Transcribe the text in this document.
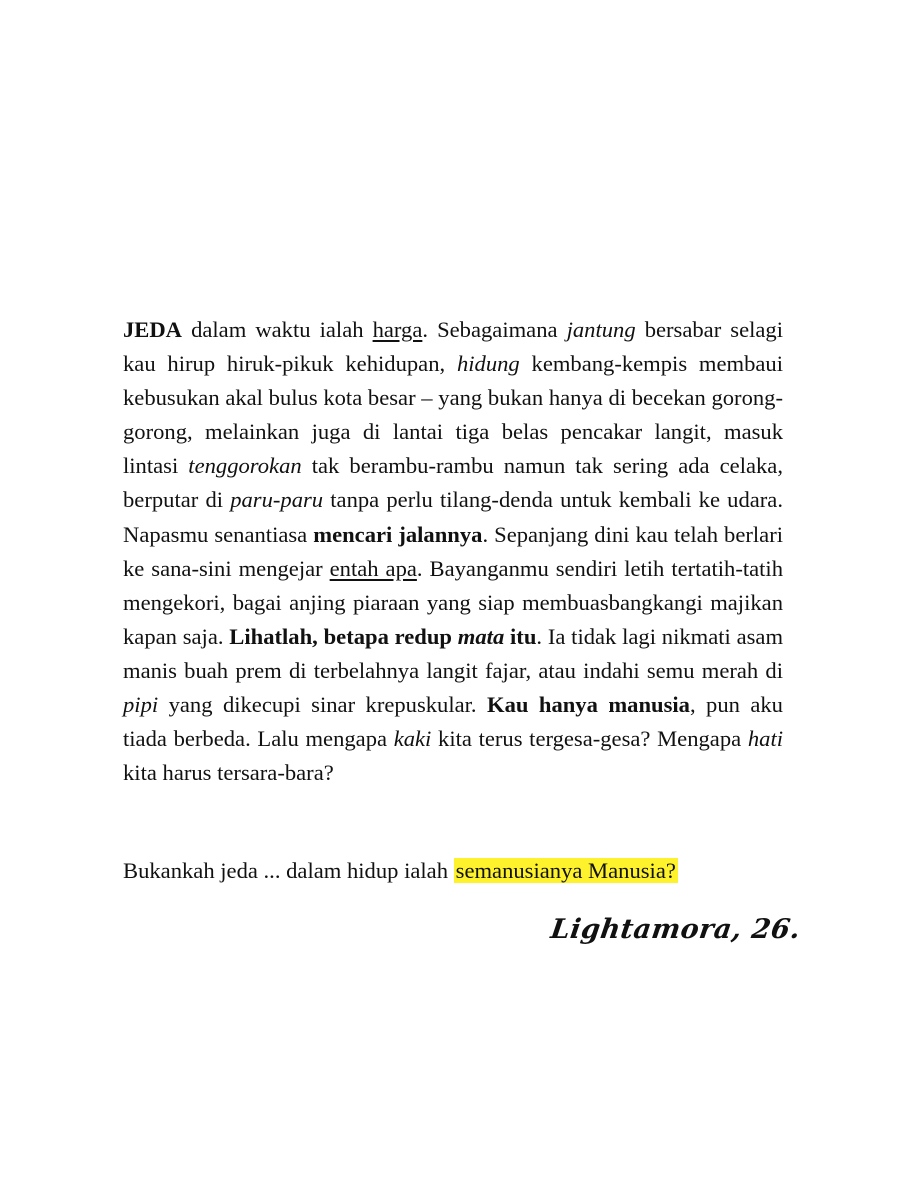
JEDA dalam waktu ialah harga. Sebagaimana jantung bersabar selagi kau hirup hiruk-pikuk kehidupan, hidung kembang-kempis membaui kebusukan akal bulus kota besar – yang bukan hanya di becekan gorong-gorong, melainkan juga di lantai tiga belas pencakar langit, masuk lintasi tenggorokan tak berambu-rambu namun tak sering ada celaka, berputar di paru-paru tanpa perlu tilang-denda untuk kembali ke udara. Napasmu senantiasa mencari jalannya. Sepanjang dini kau telah berlari ke sana-sini mengejar entah apa. Bayanganmu sendiri letih tertatih-tatih mengekori, bagai anjing piaraan yang siap membuasbangkangi majikan kapan saja. Lihatlah, betapa redup mata itu. Ia tidak lagi nikmati asam manis buah prem di terbelahnya langit fajar, atau indahi semu merah di pipi yang dikecupi sinar krepuskular. Kau hanya manusia, pun aku tiada berbeda. Lalu mengapa kaki kita terus tergesa-gesa? Mengapa hati kita harus tersara-bara?

Bukankah jeda ... dalam hidup ialah semanusianya Manusia?

Lightamora, 26.
